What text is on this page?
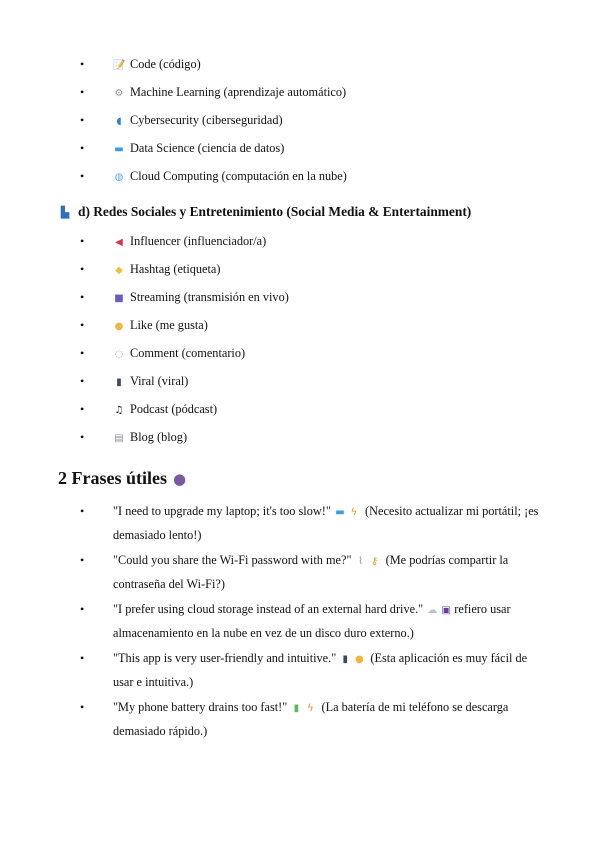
• 📝 Code (código)
• ⚙ Machine Learning (aprendizaje automático)
• ◖ Cybersecurity (ciberseguridad)
• ▬ Data Science (ciencia de datos)
• ◍ Cloud Computing (computación en la nube)
▙ d) Redes Sociales y Entretenimiento (Social Media & Entertainment)
• ◀ Influencer (influenciador/a)
• ◆ Hashtag (etiqueta)
• ■ Streaming (transmisión en vivo)
• ● Like (me gusta)
• ◌ Comment (comentario)
• ▮ Viral (viral)
• ♫ Podcast (pódcast)
• ▤ Blog (blog)
2 Frases útiles ●
• "I need to upgrade my laptop; it's too slow!" ▬ ϟ (Necesito actualizar mi portátil; ¡es demasiado lento!)
• "Could you share the Wi-Fi password with me?" ⌇ ⚷ (Me podrías compartir la contraseña del Wi-Fi?)
• "I prefer using cloud storage instead of an external hard drive." ☁ ▣ refiero usar almacenamiento en la nube en vez de un disco duro externo.)
• "This app is very user-friendly and intuitive." ▮ ● (Esta aplicación es muy fácil de usar e intuitiva.)
• "My phone battery drains too fast!" ▮ ϟ (La batería de mi teléfono se descarga demasiado rápido.)
